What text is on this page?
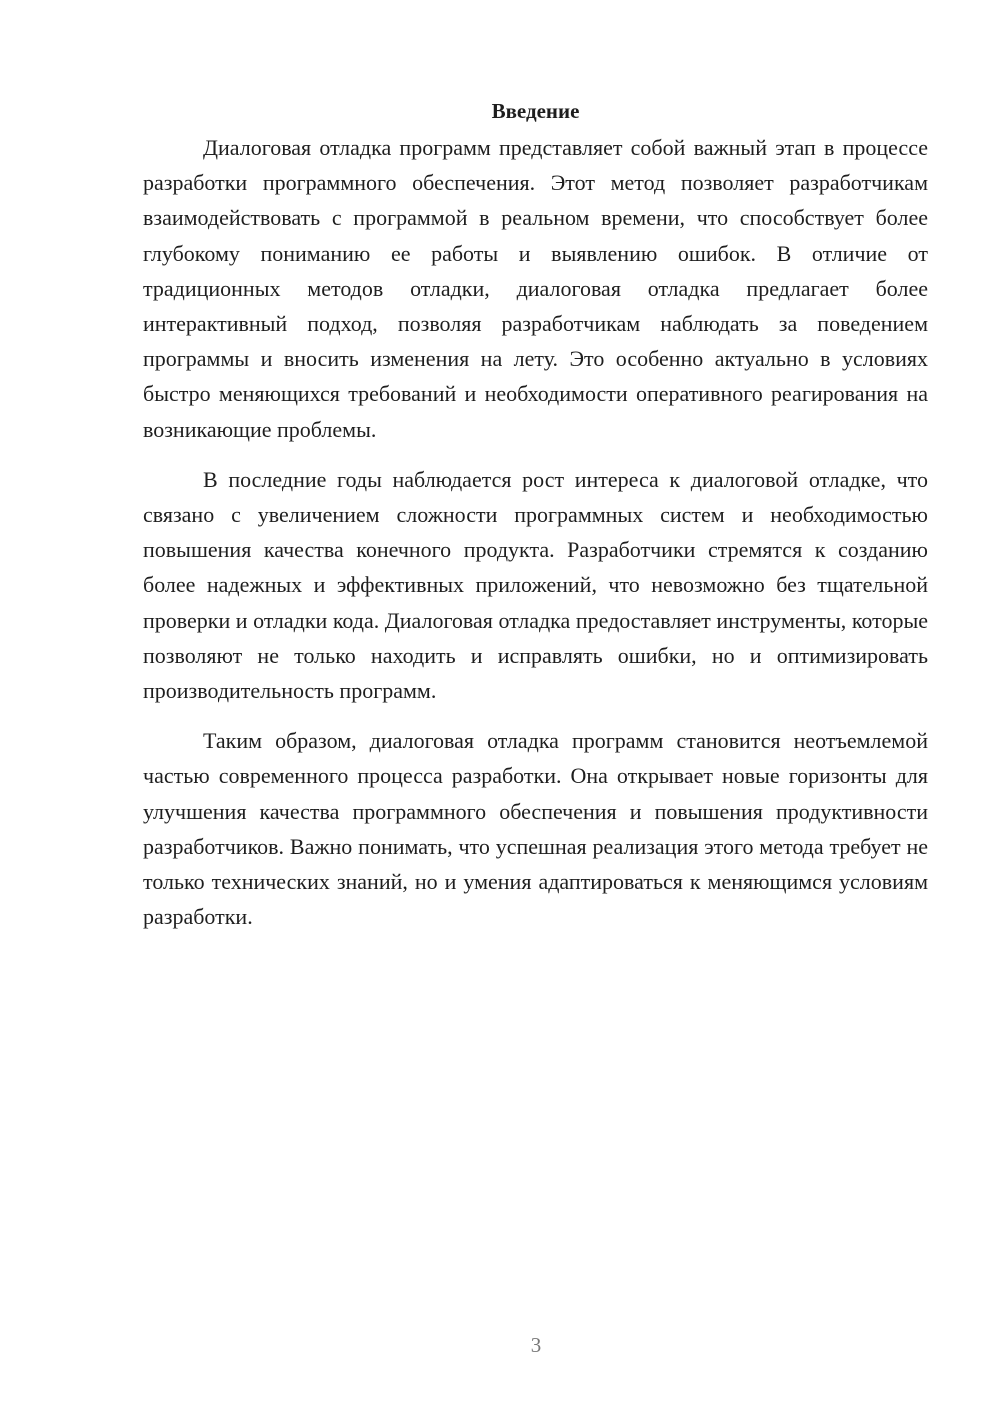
Введение

Диалоговая отладка программ представляет собой важный этап в процессе разработки программного обеспечения. Этот метод позволяет разработчикам взаимодействовать с программой в реальном времени, что способствует более глубокому пониманию ее работы и выявлению ошибок. В отличие от традиционных методов отладки, диалоговая отладка предлагает более интерактивный подход, позволяя разработчикам наблюдать за поведением программы и вносить изменения на лету. Это особенно актуально в условиях быстро меняющихся требований и необходимости оперативного реагирования на возникающие проблемы.

В последние годы наблюдается рост интереса к диалоговой отладке, что связано с увеличением сложности программных систем и необходимостью повышения качества конечного продукта. Разработчики стремятся к созданию более надежных и эффективных приложений, что невозможно без тщательной проверки и отладки кода. Диалоговая отладка предоставляет инструменты, которые позволяют не только находить и исправлять ошибки, но и оптимизировать производительность программ.

Таким образом, диалоговая отладка программ становится неотъемлемой частью современного процесса разработки. Она открывает новые горизонты для улучшения качества программного обеспечения и повышения продуктивности разработчиков. Важно понимать, что успешная реализация этого метода требует не только технических знаний, но и умения адаптироваться к меняющимся условиям разработки.

3
